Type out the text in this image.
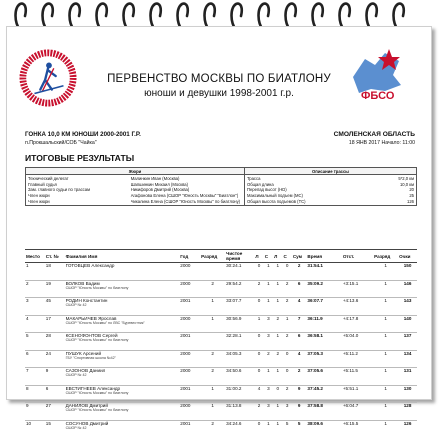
ФБСО
ПЕРВЕНСТВО МОСКВЫ ПО БИАТЛОНУ
юноши и девушки 1998-2001 г.р.
ГОНКА 10,0 КМ ЮНОШИ 2000-2001 Г.Р.
п.Прокшальский/СОБ "Чайка"
СМОЛЕНСКАЯ ОБЛАСТЬ
18 ЯНВ 2017 Начало: 11:00
ИТОГОВЫЕ РЕЗУЛЬТАТЫ
Жюри	Описание трассы

Технический делегат	Малинкин Иван (Москва)
Главный судья	Шапшинкин Михаил (Москва)
Зам. главного судьи по трассам	Никифоров Дмитрий (Москва)
Член жюри	Агафонова Елена (СШОР "Юность Москвы" "Биатлон")
Член жюри	Чикалина Елена (СШОР "Юность Москвы" по биатлону)

Трасса	5*2,0 км
Общая длина	10,0 км
Перепад высот (HD)	20
Максимальный подъем (MC)	25
Общая высота подъемов (TC)	126
Место	Ст. №	Фамилия Имя	Год	Разряд	Чистое время	Л	С	Л	С	Сум	Время	Отст.	Разряд	Очки
1	18	ГОТОВЦЕВ Александр	2000		30:24.1	0	1	1	0	2	31:54.1		1	150
2	19	ВОЛКОВ Вадим
СШОР "Юность Москвы" по биатлону	2000	2	29:54.2	2	1	1	2	6	35:09.2	+3:15.1	1	146
3	45	РОДИН Константин
СШОР № 42	2001	1	33:07.7	0	1	1	2	4	36:07.7	+4:13.6	1	143
4	17	МАКАРЬИЧЕВ Ярослав
СШОР "Юность Москвы" по ЛВС "Буревестник"	2000	1	30:56.9	1	3	2	1	7	36:11.9	+4:17.8	1	140
5	28	КСЕНОФОНТОВ Сергей
СШОР "Юность Москвы" по биатлону	2001		32:28.1	0	3	1	2	6	36:58.1	+5:04.0	1	137
6	24	ПУШУК Арсений
ГБУ "Спортивная школа №42"	2000	2	34:05.3	0	2	2	0	4	37:05.3	+5:11.2	1	134
7	9	САЗОНОВ Даниил
СШОР № 42	2000	2	34:50.6	0	1	1	0	2	37:05.6	+5:11.5	1	131
8	6	ЕВСТИГНЕЕВ Александр
СШОР "Юность Москвы" по биатлону	2001	1	31:00.2	4	3	0	2	9	37:45.2	+5:51.1	1	130
9	27	ДАНИЛОВ Дмитрий
СШОР "Юность Москвы" по биатлону	2000	1	31:13.8	2	3	1	3	9	37:58.8	+6:04.7	1	128
10	15	СОСУНОВ Дмитрий
СШОР № 42	2001	2	34:24.6	0	1	1	5	5	38:09.6	+6:15.5	1	126
